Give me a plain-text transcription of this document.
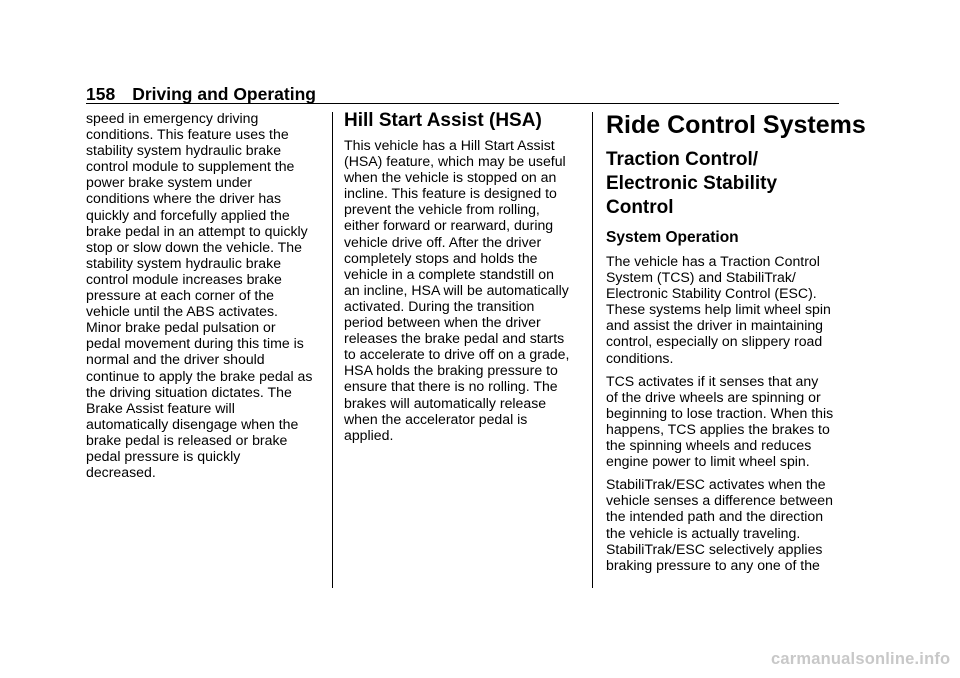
158 Driving and Operating
speed in emergency driving
conditions. This feature uses the
stability system hydraulic brake
control module to supplement the
power brake system under
conditions where the driver has
quickly and forcefully applied the
brake pedal in an attempt to quickly
stop or slow down the vehicle. The
stability system hydraulic brake
control module increases brake
pressure at each corner of the
vehicle until the ABS activates.
Minor brake pedal pulsation or
pedal movement during this time is
normal and the driver should
continue to apply the brake pedal as
the driving situation dictates. The
Brake Assist feature will
automatically disengage when the
brake pedal is released or brake
pedal pressure is quickly
decreased.
Hill Start Assist (HSA)
This vehicle has a Hill Start Assist
(HSA) feature, which may be useful
when the vehicle is stopped on an
incline. This feature is designed to
prevent the vehicle from rolling,
either forward or rearward, during
vehicle drive off. After the driver
completely stops and holds the
vehicle in a complete standstill on
an incline, HSA will be automatically
activated. During the transition
period between when the driver
releases the brake pedal and starts
to accelerate to drive off on a grade,
HSA holds the braking pressure to
ensure that there is no rolling. The
brakes will automatically release
when the accelerator pedal is
applied.
Ride Control Systems
Traction Control/
Electronic Stability
Control
System Operation
The vehicle has a Traction Control
System (TCS) and StabiliTrak/
Electronic Stability Control (ESC).
These systems help limit wheel spin
and assist the driver in maintaining
control, especially on slippery road
conditions.
TCS activates if it senses that any
of the drive wheels are spinning or
beginning to lose traction. When this
happens, TCS applies the brakes to
the spinning wheels and reduces
engine power to limit wheel spin.
StabiliTrak/ESC activates when the
vehicle senses a difference between
the intended path and the direction
the vehicle is actually traveling.
StabiliTrak/ESC selectively applies
braking pressure to any one of the
carmanualsonline.info
